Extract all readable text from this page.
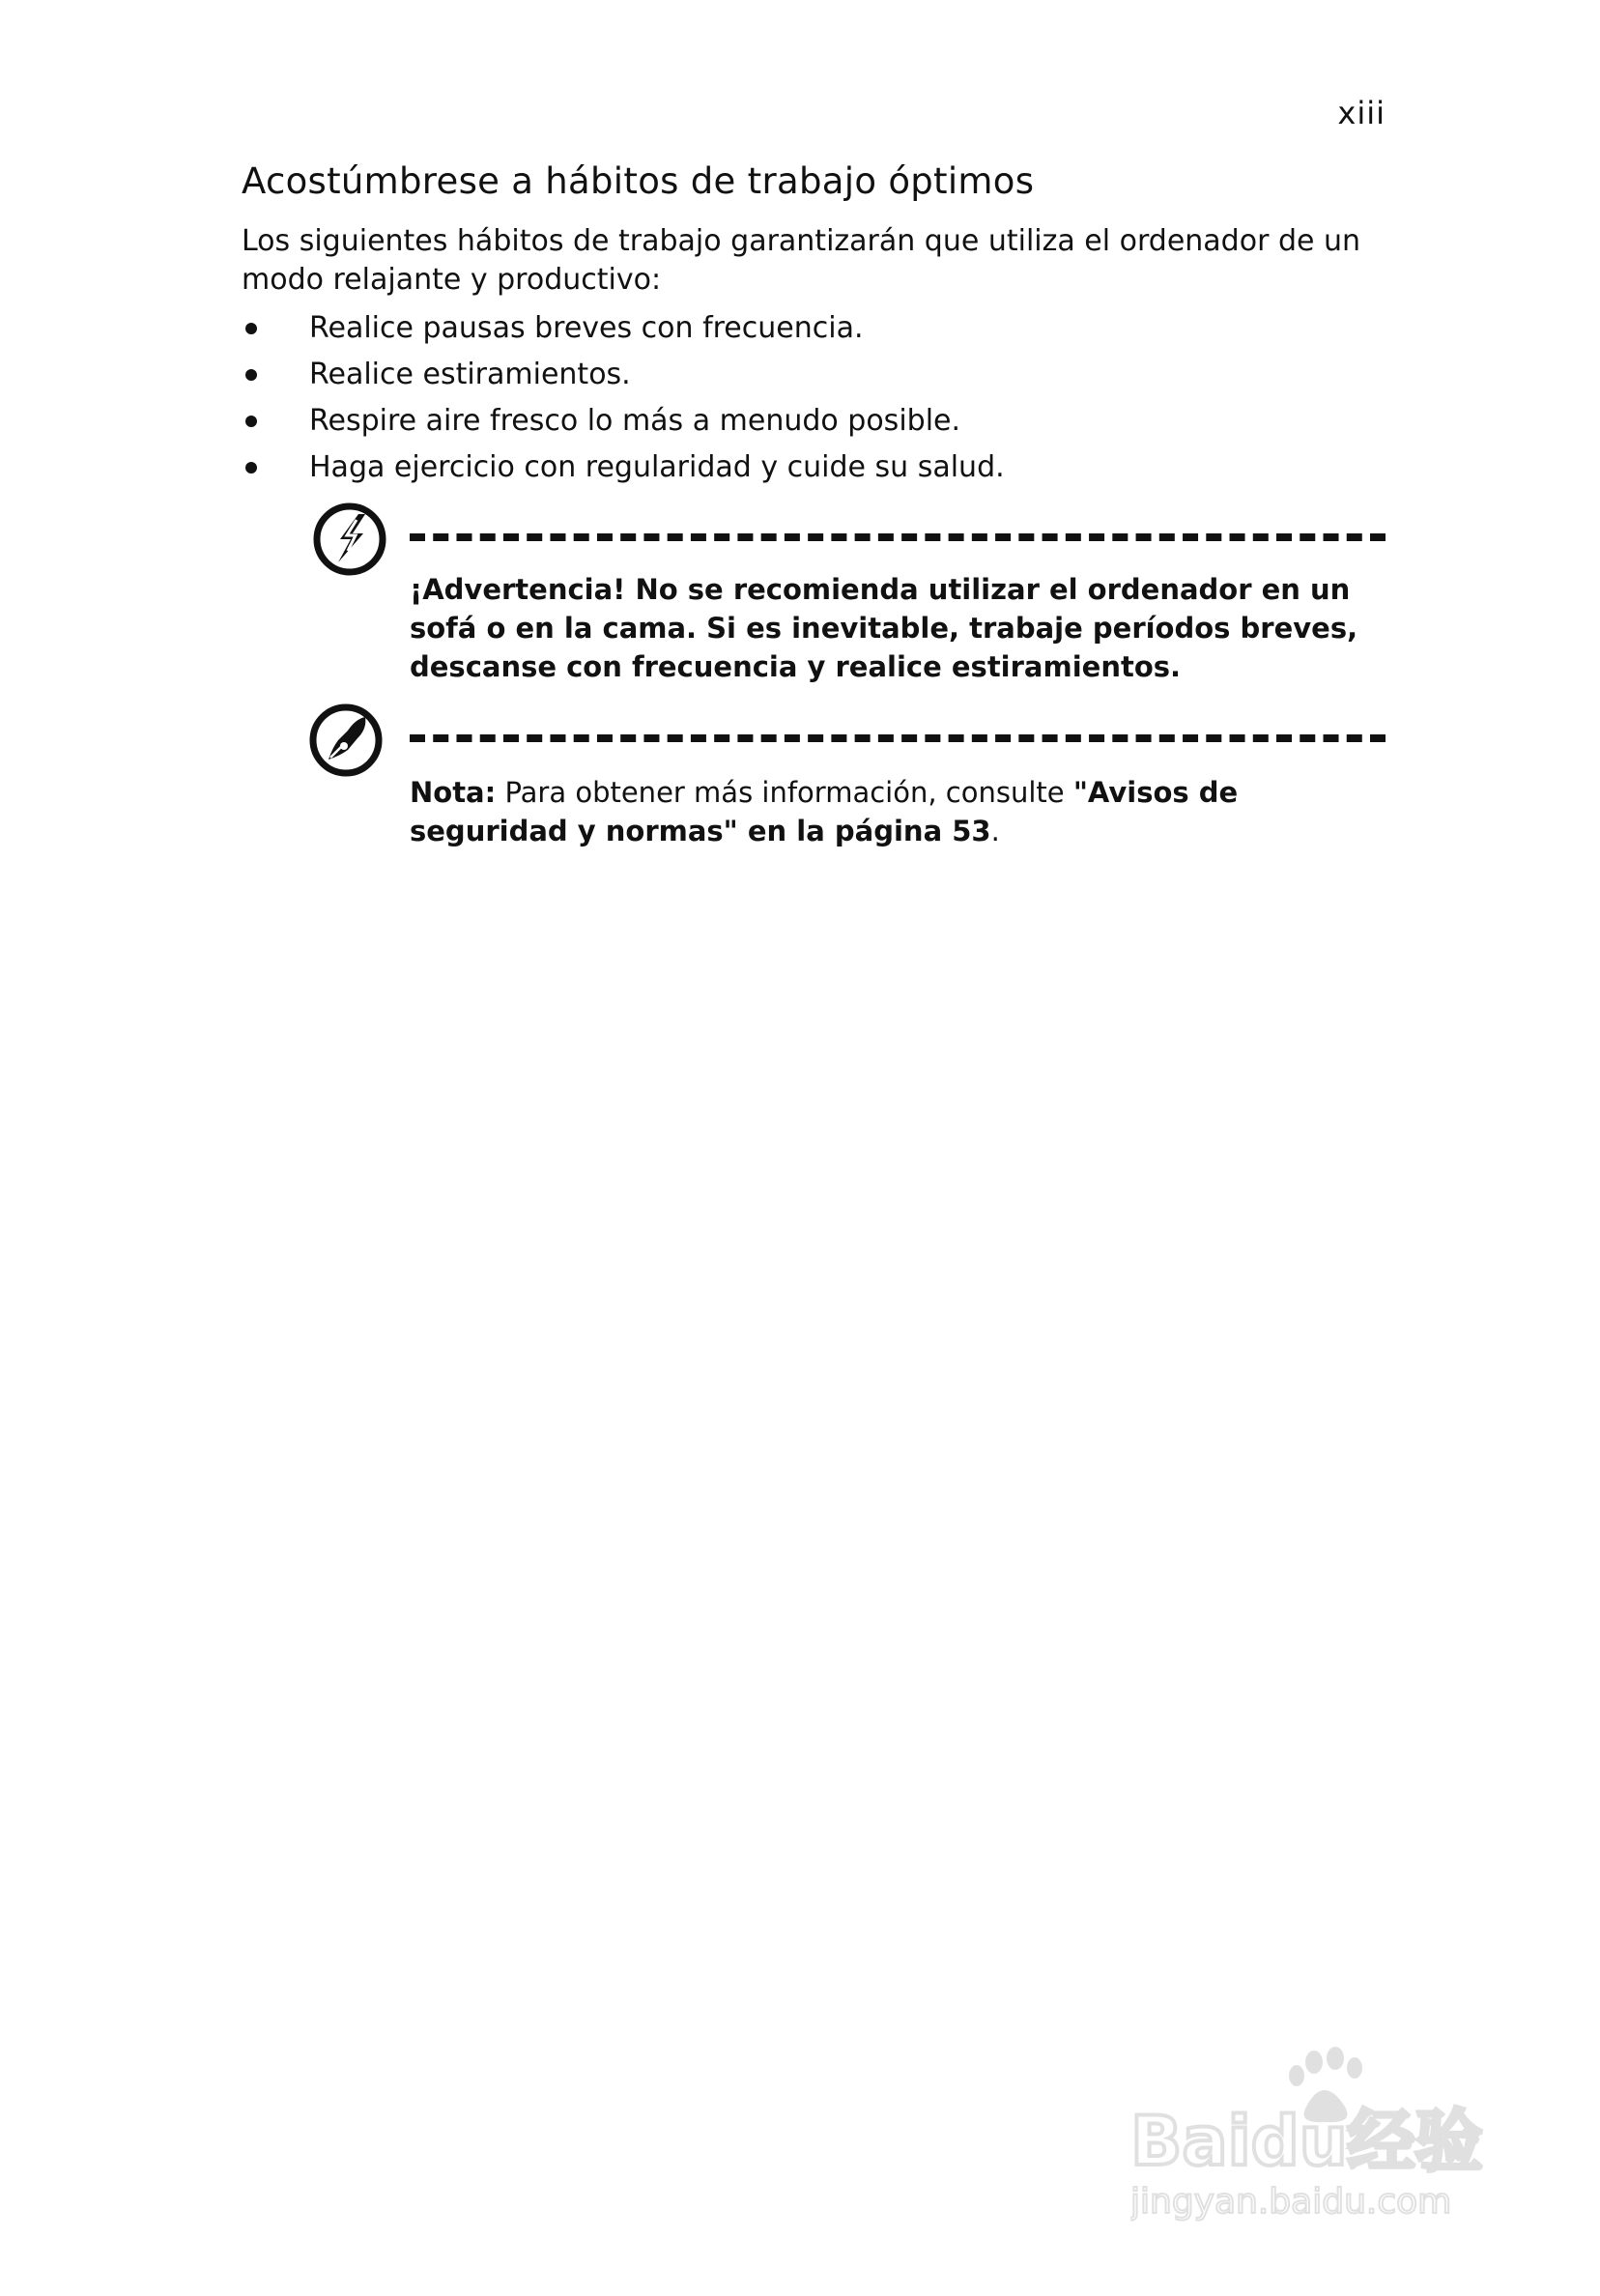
xiii
Acostúmbrese a hábitos de trabajo óptimos

Los siguientes hábitos de trabajo garantizarán que utiliza el ordenador de un modo relajante y productivo:

Realice pausas breves con frecuencia.
Realice estiramientos.
Respire aire fresco lo más a menudo posible.
Haga ejercicio con regularidad y cuide su salud.

¡Advertencia! No se recomienda utilizar el ordenador en un sofá o en la cama. Si es inevitable, trabaje períodos breves, descanse con frecuencia y realice estiramientos.

Nota: Para obtener más información, consulte "Avisos de seguridad y normas" en la página 53.

Baidu经验
jingyan.baidu.com
